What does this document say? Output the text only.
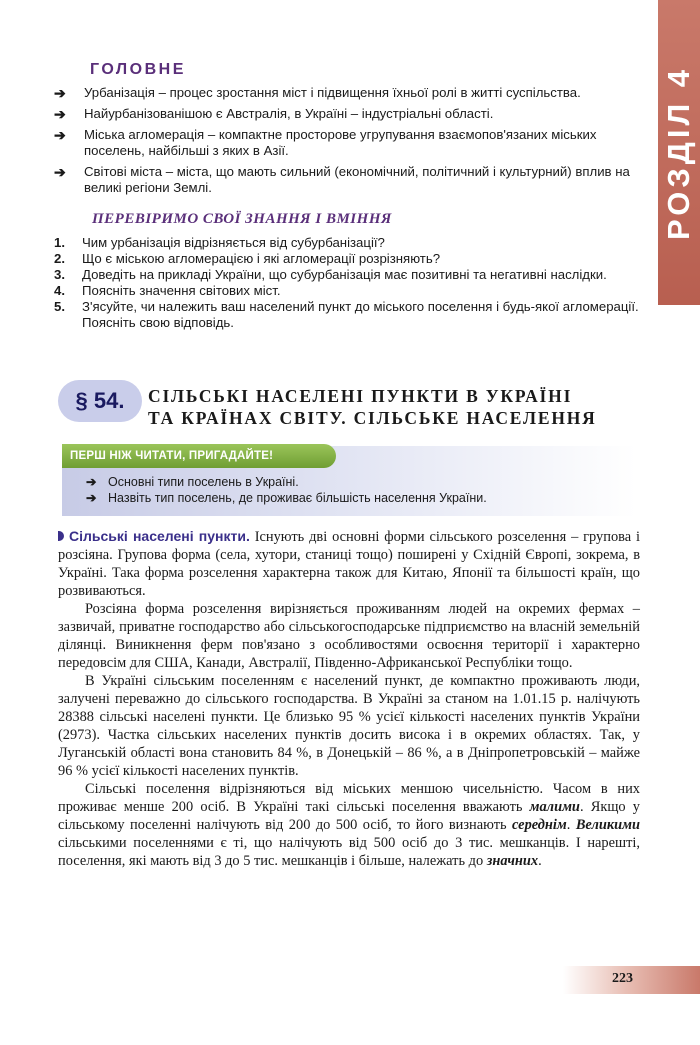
РОЗДІЛ 4
ГОЛОВНЕ
➔ Урбанізація – процес зростання міст і підвищення їхньої ролі в житті суспільства.
➔ Найурбанізованішою є Австралія, в Україні – індустріальні області.
➔ Міська агломерація – компактне просторове угрупування взаємопов'язаних міських поселень, найбільші з яких в Азії.
➔ Світові міста – міста, що мають сильний (економічний, політичний і культурний) вплив на великі регіони Землі.
ПЕРЕВІРИМО СВОЇ ЗНАННЯ І ВМІННЯ
1. Чим урбанізація відрізняється від субурбанізації?
2. Що є міською агломерацією і які агломерації розрізняють?
3. Доведіть на прикладі України, що субурбанізація має позитивні та негативні наслідки.
4. Поясніть значення світових міст.
5. З'ясуйте, чи належить ваш населений пункт до міського поселення і будь-якої агломерації. Поясніть свою відповідь.
§ 54.	СІЛЬСЬКІ НАСЕЛЕНІ ПУНКТИ В УКРАЇНІ
ТА КРАЇНАХ СВІТУ. СІЛЬСЬКЕ НАСЕЛЕННЯ
ПЕРШ НІЖ ЧИТАТИ, ПРИГАДАЙТЕ!
➔ Основні типи поселень в Україні.
➔ Назвіть тип поселень, де проживає більшість населення України.

Сільські населені пункти. Існують дві основні форми сільського розселення – групова і розсіяна. Групова форма (села, хутори, станиці тощо) поширені у Східній Європі, зокрема, в Україні. Така форма розселення характерна також для Китаю, Японії та більшості країн, що розвиваються.

Розсіяна форма розселення вирізняється проживанням людей на окремих фермах – зазвичай, приватне господарство або сільськогосподарське підприємство на власній земельній ділянці. Виникнення ферм пов'язано з особливостями освоєння території і характерно передовсім для США, Канади, Австралії, Південно-Африканської Республіки тощо.

В Україні сільським поселенням є населений пункт, де компактно проживають люди, залучені переважно до сільського господарства. В Україні за станом на 1.01.15 р. налічують 28388 сільські населені пункти. Це близько 95 % усієї кількості населених пунктів України (2973). Частка сільських населених пунктів досить висока і в окремих областях. Так, у Луганській області вона становить 84 %, в Донецькій – 86 %, а в Дніпропетровській – майже 96 % усієї кількості населених пунктів.

Сільські поселення відрізняються від міських меншою чисельністю. Часом в них проживає менше 200 осіб. В Україні такі сільські поселення вважають малими. Якщо у сільському поселенні налічують від 200 до 500 осіб, то його визнають середнім. Великими сільськими поселеннями є ті, що налічують від 500 осіб до 3 тис. мешканців. І нарешті, поселення, які мають від 3 до 5 тис. мешканців і більше, належать до значних.

223
